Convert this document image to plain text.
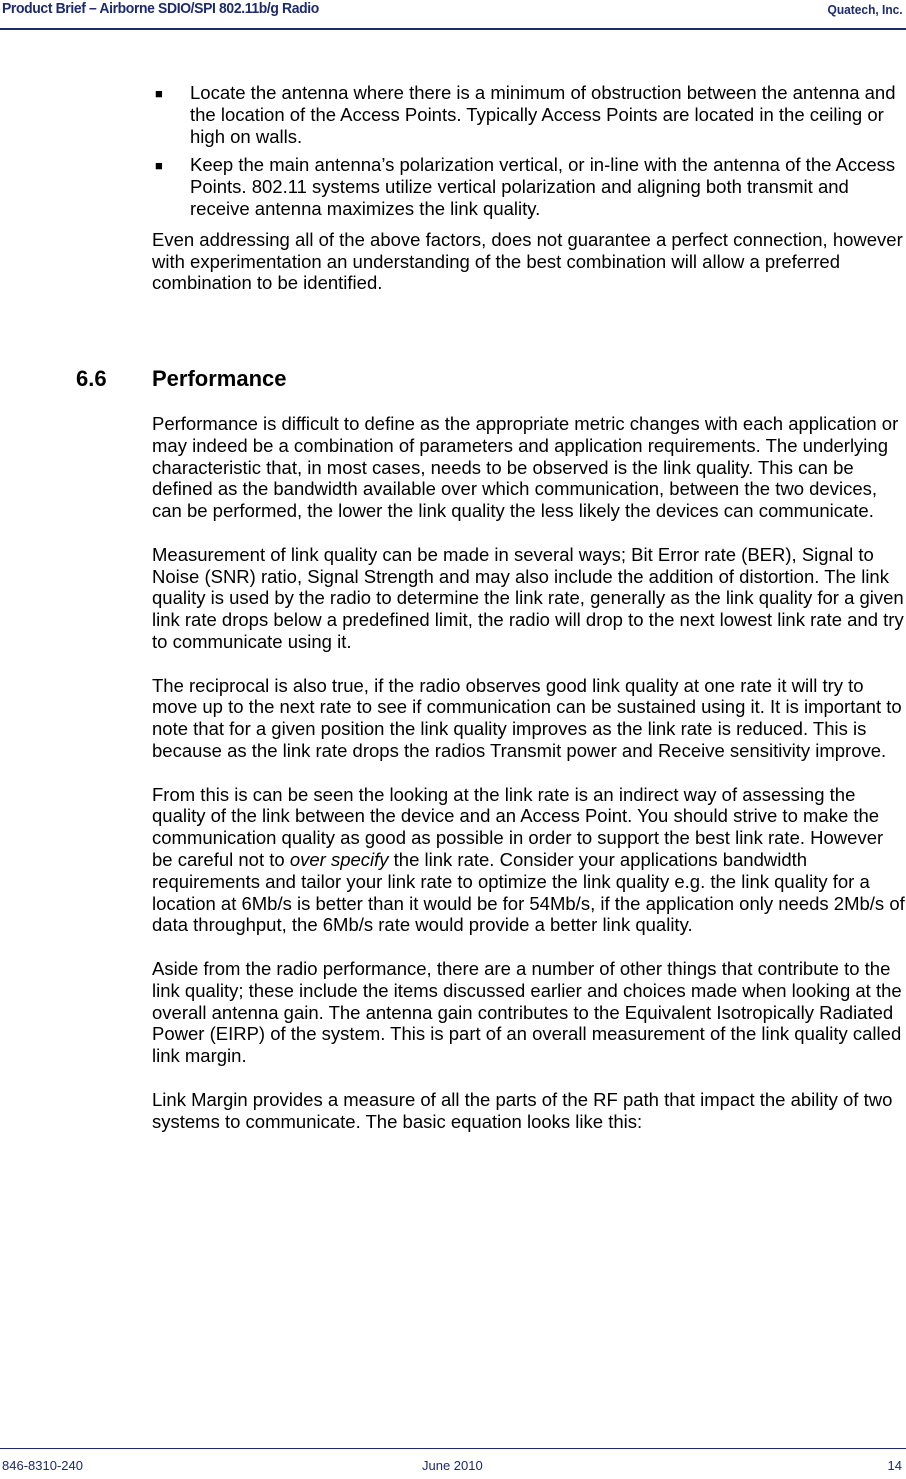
Product Brief – Airborne SDIO/SPI 802.11b/g Radio	Quatech, Inc.
■ Locate the antenna where there is a minimum of obstruction between the antenna and the location of the Access Points. Typically Access Points are located in the ceiling or high on walls.
■ Keep the main antenna’s polarization vertical, or in-line with the antenna of the Access Points. 802.11 systems utilize vertical polarization and aligning both transmit and receive antenna maximizes the link quality.

Even addressing all of the above factors, does not guarantee a perfect connection, however with experimentation an understanding of the best combination will allow a preferred combination to be identified.

6.6 Performance

Performance is difficult to define as the appropriate metric changes with each application or may indeed be a combination of parameters and application requirements. The underlying characteristic that, in most cases, needs to be observed is the link quality. This can be defined as the bandwidth available over which communication, between the two devices, can be performed, the lower the link quality the less likely the devices can communicate.

Measurement of link quality can be made in several ways; Bit Error rate (BER), Signal to Noise (SNR) ratio, Signal Strength and may also include the addition of distortion. The link quality is used by the radio to determine the link rate, generally as the link quality for a given link rate drops below a predefined limit, the radio will drop to the next lowest link rate and try to communicate using it.

The reciprocal is also true, if the radio observes good link quality at one rate it will try to move up to the next rate to see if communication can be sustained using it. It is important to note that for a given position the link quality improves as the link rate is reduced. This is because as the link rate drops the radios Transmit power and Receive sensitivity improve.

From this is can be seen the looking at the link rate is an indirect way of assessing the quality of the link between the device and an Access Point. You should strive to make the communication quality as good as possible in order to support the best link rate. However be careful not to over specify the link rate. Consider your applications bandwidth requirements and tailor your link rate to optimize the link quality e.g. the link quality for a location at 6Mb/s is better than it would be for 54Mb/s, if the application only needs 2Mb/s of data throughput, the 6Mb/s rate would provide a better link quality.

Aside from the radio performance, there are a number of other things that contribute to the link quality; these include the items discussed earlier and choices made when looking at the overall antenna gain. The antenna gain contributes to the Equivalent Isotropically Radiated Power (EIRP) of the system. This is part of an overall measurement of the link quality called link margin.

Link Margin provides a measure of all the parts of the RF path that impact the ability of two systems to communicate. The basic equation looks like this:

846-8310-240	June 2010	14
